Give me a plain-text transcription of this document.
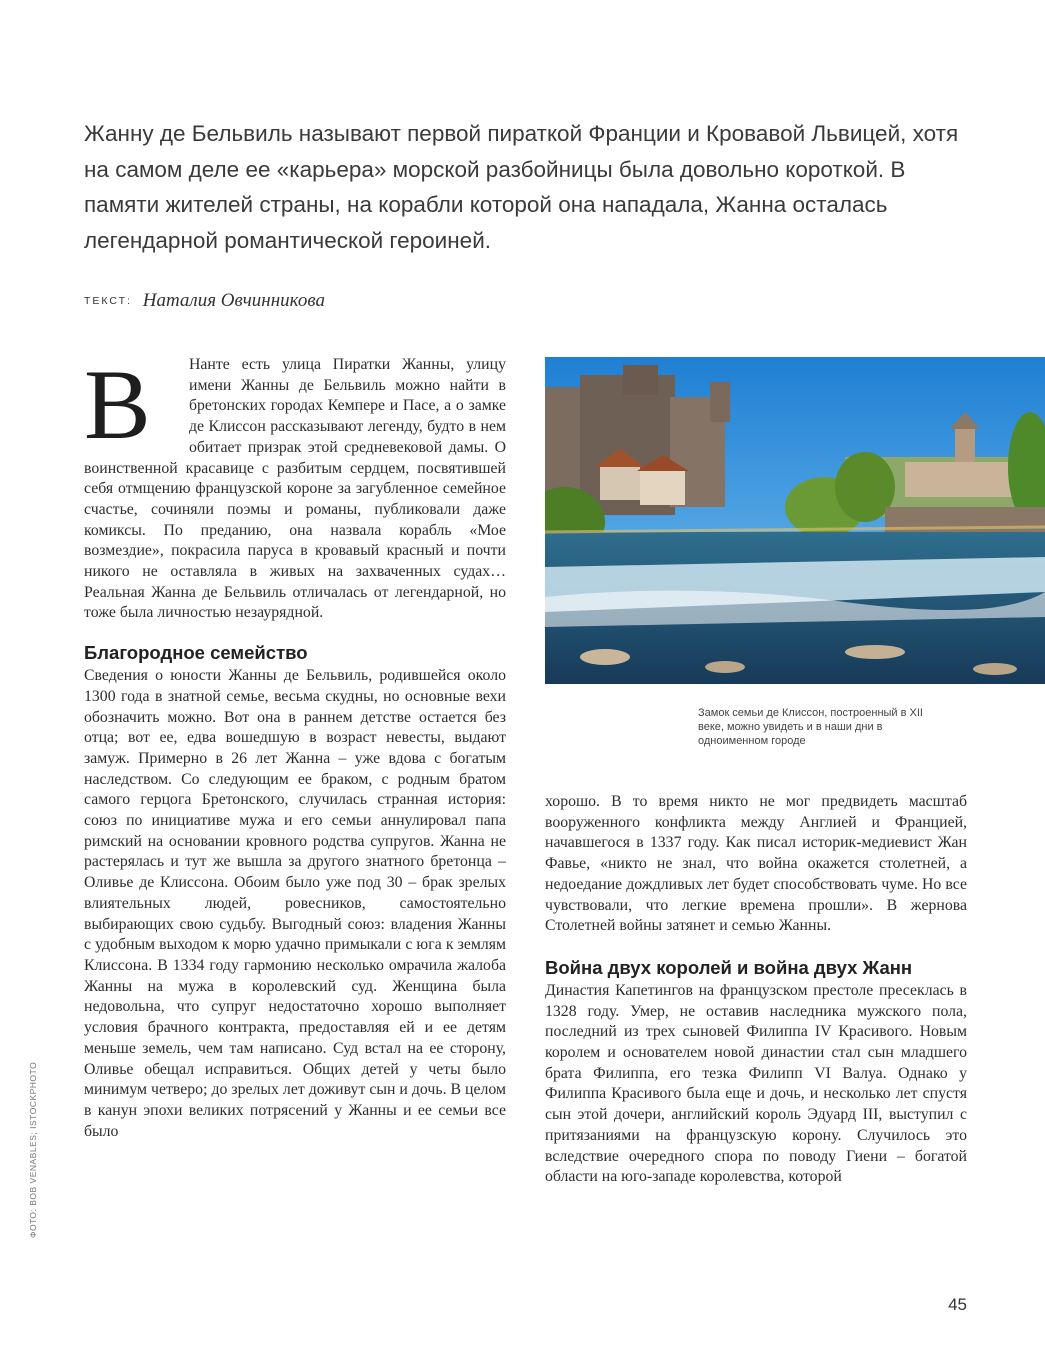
Жанну де Бельвиль называют первой пираткой Франции и Кровавой Львицей, хотя на самом деле ее «карьера» морской разбойницы была довольно короткой. В памяти жителей страны, на корабли которой она нападала, Жанна осталась легендарной романтической героиней.

ТЕКСТ: Наталия Овчинникова
В	Нанте есть улица Пиратки Жанны, улицу имени Жанны де Бельвиль можно найти в бретонских городах Кемпере и Пасе, а о замке де Клиссон рассказывают легенду, будто в нем обитает призрак этой средневековой дамы. О воинственной красавице с разбитым сердцем, посвятившей себя отмщению французской короне за загубленное семейное счастье, сочиняли поэмы и романы, публиковали даже комиксы. По преданию, она назвала корабль «Мое возмездие», покрасила паруса в кровавый красный и почти никого не оставляла в живых на захваченных судах… Реальная Жанна де Бельвиль отличалась от легендарной, но тоже была личностью незаурядной.

Благородное семейство

Сведения о юности Жанны де Бельвиль, родившейся около 1300 года в знатной семье, весьма скудны, но основные вехи обозначить можно. Вот она в раннем детстве остается без отца; вот ее, едва вошедшую в возраст невесты, выдают замуж. Примерно в 26 лет Жанна – уже вдова с богатым наследством. Со следующим ее браком, с родным братом самого герцога Бретонского, случилась странная история: союз по инициативе мужа и его семьи аннулировал папа римский на основании кровного родства супругов. Жанна не растерялась и тут же вышла за другого знатного бретонца – Оливье де Клиссона. Обоим было уже под 30 – брак зрелых влиятельных людей, ровесников, самостоятельно выбирающих свою судьбу. Выгодный союз: владения Жанны с удобным выходом к морю удачно примыкали с юга к землям Клиссона. В 1334 году гармонию несколько омрачила жалоба Жанны на мужа в королевский суд. Женщина была недовольна, что супруг недостаточно хорошо выполняет условия брачного контракта, предоставляя ей и ее детям меньше земель, чем там написано. Суд встал на ее сторону, Оливье обещал исправиться. Общих детей у четы было минимум четверо; до зрелых лет доживут сын и дочь. В целом в канун эпохи великих потрясений у Жанны и ее семьи все было

Замок семьи де Клиссон, построенный в XII веке, можно увидеть и в наши дни в одноименном городе

хорошо. В то время никто не мог предвидеть масштаб вооруженного конфликта между Англией и Францией, начавшегося в 1337 году. Как писал историк-медиевист Жан Фавье, «никто не знал, что война окажется столетней, а недоедание дождливых лет будет способствовать чуме. Но все чувствовали, что легкие времена прошли». В жернова Столетней войны затянет и семью Жанны.

Война двух королей и война двух Жанн

Династия Капетингов на французском престоле пресеклась в 1328 году. Умер, не оставив наследника мужского пола, последний из трех сыновей Филиппа IV Красивого. Новым королем и основателем новой династии стал сын младшего брата Филиппа, его тезка Филипп VI Валуа. Однако у Филиппа Красивого была еще и дочь, и несколько лет спустя сын этой дочери, английский король Эдуард III, выступил с притязаниями на французскую корону. Случилось это вследствие очередного спора по поводу Гиени – богатой области на юго-западе королевства, которой

ФОТО: BOB VENABLES; ISTOCKPHOTO
45
